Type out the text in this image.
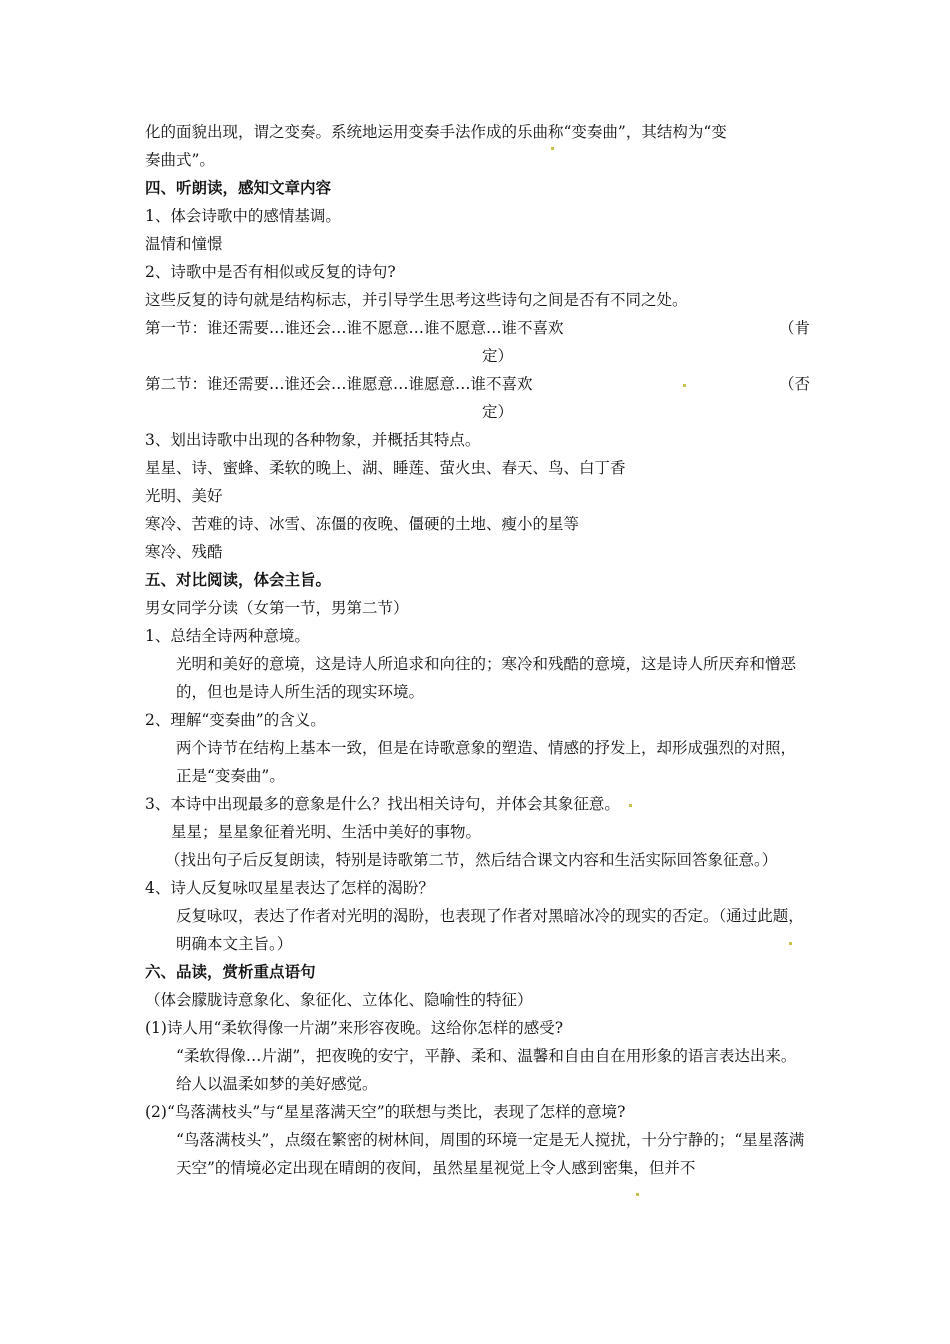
化的面貌出现，谓之变奏。系统地运用变奏手法作成的乐曲称“变奏曲”，其结构为“变
奏曲式”。
四、听朗读，感知文章内容
1、体会诗歌中的感情基调。
温情和憧憬
2、诗歌中是否有相似或反复的诗句?
这些反复的诗句就是结构标志，并引导学生思考这些诗句之间是否有不同之处。
第一节：谁还需要…谁还会…谁不愿意…谁不愿意…谁不喜欢	（肯
定）
第二节：谁还需要…谁还会…谁愿意…谁愿意…谁不喜欢	（否
定）
3、划出诗歌中出现的各种物象，并概括其特点。
星星、诗、蜜蜂、柔软的晚上、湖、睡莲、萤火虫、春天、鸟、白丁香
光明、美好
寒冷、苦难的诗、冰雪、冻僵的夜晚、僵硬的土地、瘦小的星等
寒冷、残酷
五、对比阅读，体会主旨。
男女同学分读（女第一节，男第二节）
1、总结全诗两种意境。
光明和美好的意境，这是诗人所追求和向往的；寒冷和残酷的意境，这是诗人所厌弃和憎恶的，但也是诗人所生活的现实环境。
2、理解“变奏曲”的含义。
两个诗节在结构上基本一致，但是在诗歌意象的塑造、情感的抒发上，却形成强烈的对照，正是“变奏曲”。
3、本诗中出现最多的意象是什么？找出相关诗句，并体会其象征意。
星星；星星象征着光明、生活中美好的事物。
（找出句子后反复朗读，特别是诗歌第二节，然后结合课文内容和生活实际回答象征意。）
4、诗人反复咏叹星星表达了怎样的渴盼？
反复咏叹，表达了作者对光明的渴盼，也表现了作者对黑暗冰冷的现实的否定。（通过此题，明确本文主旨。）
六、品读，赏析重点语句
（体会朦胧诗意象化、象征化、立体化、隐喻性的特征）
(1)诗人用“柔软得像一片湖”来形容夜晚。这给你怎样的感受?
“柔软得像…片湖”，把夜晚的安宁，平静、柔和、温馨和自由自在用形象的语言表达出来。给人以温柔如梦的美好感觉。
(2)“鸟落满枝头”与“星星落满天空”的联想与类比，表现了怎样的意境?
“鸟落满枝头”，点缀在繁密的树林间，周围的环境一定是无人搅扰，十分宁静的；“星星落满天空”的情境必定出现在晴朗的夜间，虽然星星视觉上令人感到密集，但并不
